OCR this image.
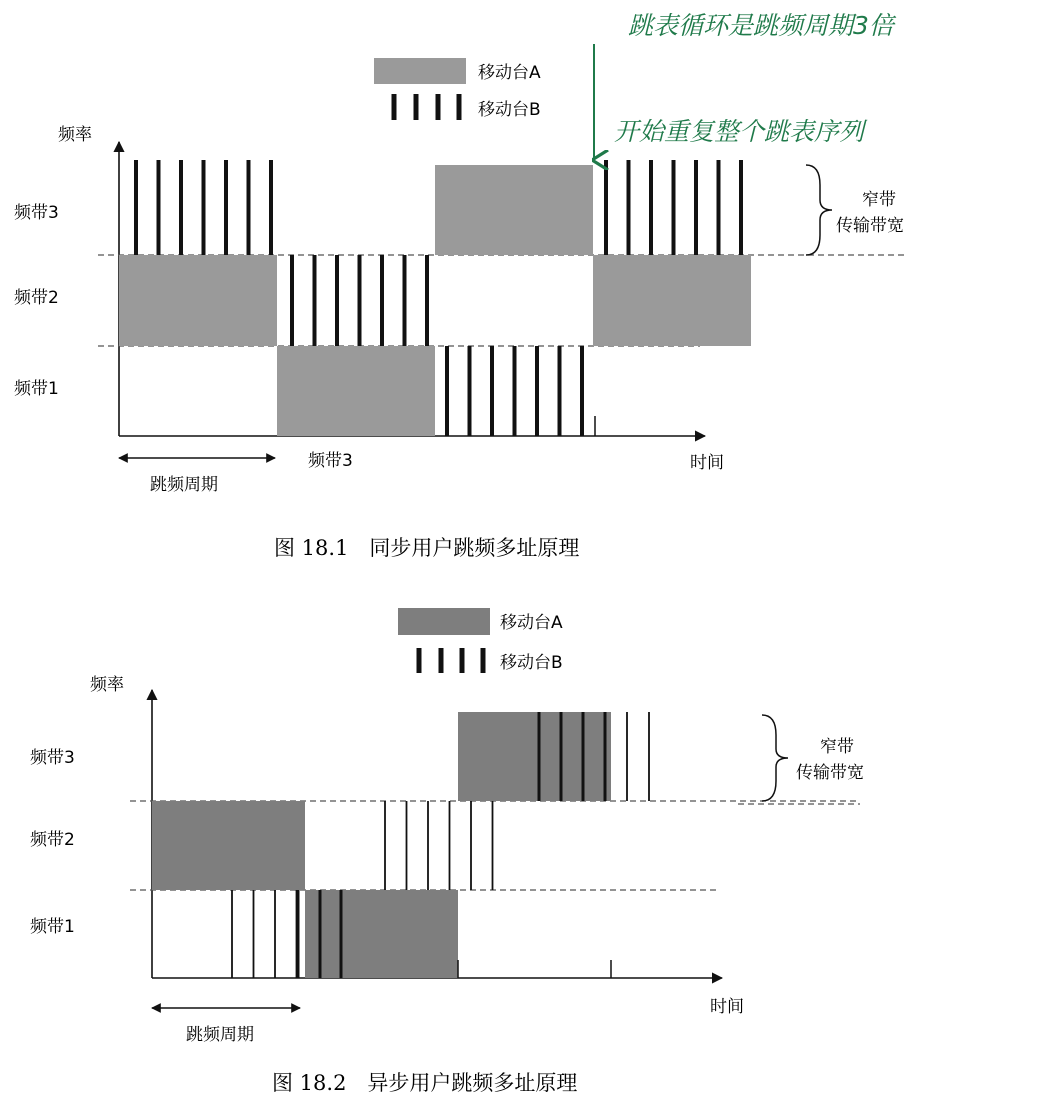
移动台A
移动台B
频率
时间
频带3
频带2
频带1
窄带
传输带宽
跳频周期
频带3
图 18.1　同步用户跳频多址原理
跳表循环是跳频周期3倍
开始重复整个跳表序列
移动台A
移动台B
频率
时间
频带3
频带2
频带1
窄带
传输带宽
跳频周期
图 18.2　异步用户跳频多址原理
